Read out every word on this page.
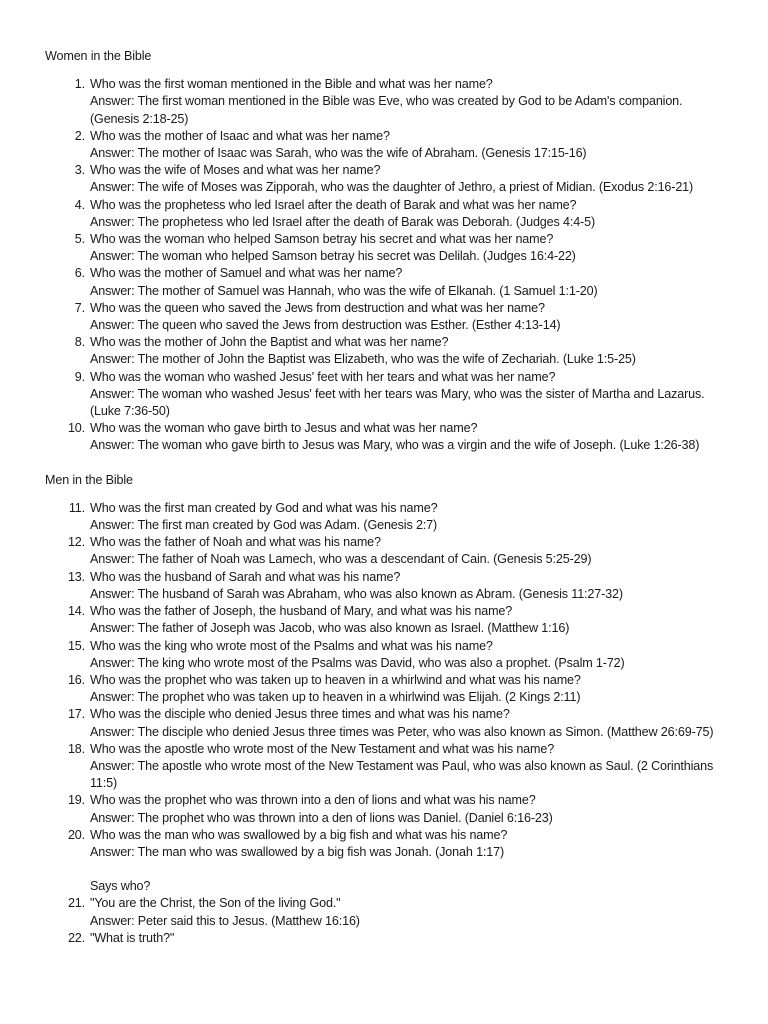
Women in the Bible
1. Who was the first woman mentioned in the Bible and what was her name?
Answer: The first woman mentioned in the Bible was Eve, who was created by God to be Adam's companion. (Genesis 2:18-25)
2. Who was the mother of Isaac and what was her name?
Answer: The mother of Isaac was Sarah, who was the wife of Abraham. (Genesis 17:15-16)
3. Who was the wife of Moses and what was her name?
Answer: The wife of Moses was Zipporah, who was the daughter of Jethro, a priest of Midian. (Exodus 2:16-21)
4. Who was the prophetess who led Israel after the death of Barak and what was her name?
Answer: The prophetess who led Israel after the death of Barak was Deborah. (Judges 4:4-5)
5. Who was the woman who helped Samson betray his secret and what was her name?
Answer: The woman who helped Samson betray his secret was Delilah. (Judges 16:4-22)
6. Who was the mother of Samuel and what was her name?
Answer: The mother of Samuel was Hannah, who was the wife of Elkanah. (1 Samuel 1:1-20)
7. Who was the queen who saved the Jews from destruction and what was her name?
Answer: The queen who saved the Jews from destruction was Esther. (Esther 4:13-14)
8. Who was the mother of John the Baptist and what was her name?
Answer: The mother of John the Baptist was Elizabeth, who was the wife of Zechariah. (Luke 1:5-25)
9. Who was the woman who washed Jesus' feet with her tears and what was her name?
Answer: The woman who washed Jesus' feet with her tears was Mary, who was the sister of Martha and Lazarus. (Luke 7:36-50)
10. Who was the woman who gave birth to Jesus and what was her name?
Answer: The woman who gave birth to Jesus was Mary, who was a virgin and the wife of Joseph. (Luke 1:26-38)
Men in the Bible
11. Who was the first man created by God and what was his name?
Answer: The first man created by God was Adam. (Genesis 2:7)
12. Who was the father of Noah and what was his name?
Answer: The father of Noah was Lamech, who was a descendant of Cain. (Genesis 5:25-29)
13. Who was the husband of Sarah and what was his name?
Answer: The husband of Sarah was Abraham, who was also known as Abram. (Genesis 11:27-32)
14. Who was the father of Joseph, the husband of Mary, and what was his name?
Answer: The father of Joseph was Jacob, who was also known as Israel. (Matthew 1:16)
15. Who was the king who wrote most of the Psalms and what was his name?
Answer: The king who wrote most of the Psalms was David, who was also a prophet. (Psalm 1-72)
16. Who was the prophet who was taken up to heaven in a whirlwind and what was his name?
Answer: The prophet who was taken up to heaven in a whirlwind was Elijah. (2 Kings 2:11)
17. Who was the disciple who denied Jesus three times and what was his name?
Answer: The disciple who denied Jesus three times was Peter, who was also known as Simon. (Matthew 26:69-75)
18. Who was the apostle who wrote most of the New Testament and what was his name?
Answer: The apostle who wrote most of the New Testament was Paul, who was also known as Saul. (2 Corinthians 11:5)
19. Who was the prophet who was thrown into a den of lions and what was his name?
Answer: The prophet who was thrown into a den of lions was Daniel. (Daniel 6:16-23)
20. Who was the man who was swallowed by a big fish and what was his name?
Answer: The man who was swallowed by a big fish was Jonah. (Jonah 1:17)
Says who?
21. "You are the Christ, the Son of the living God."
Answer: Peter said this to Jesus. (Matthew 16:16)
22. "What is truth?"
